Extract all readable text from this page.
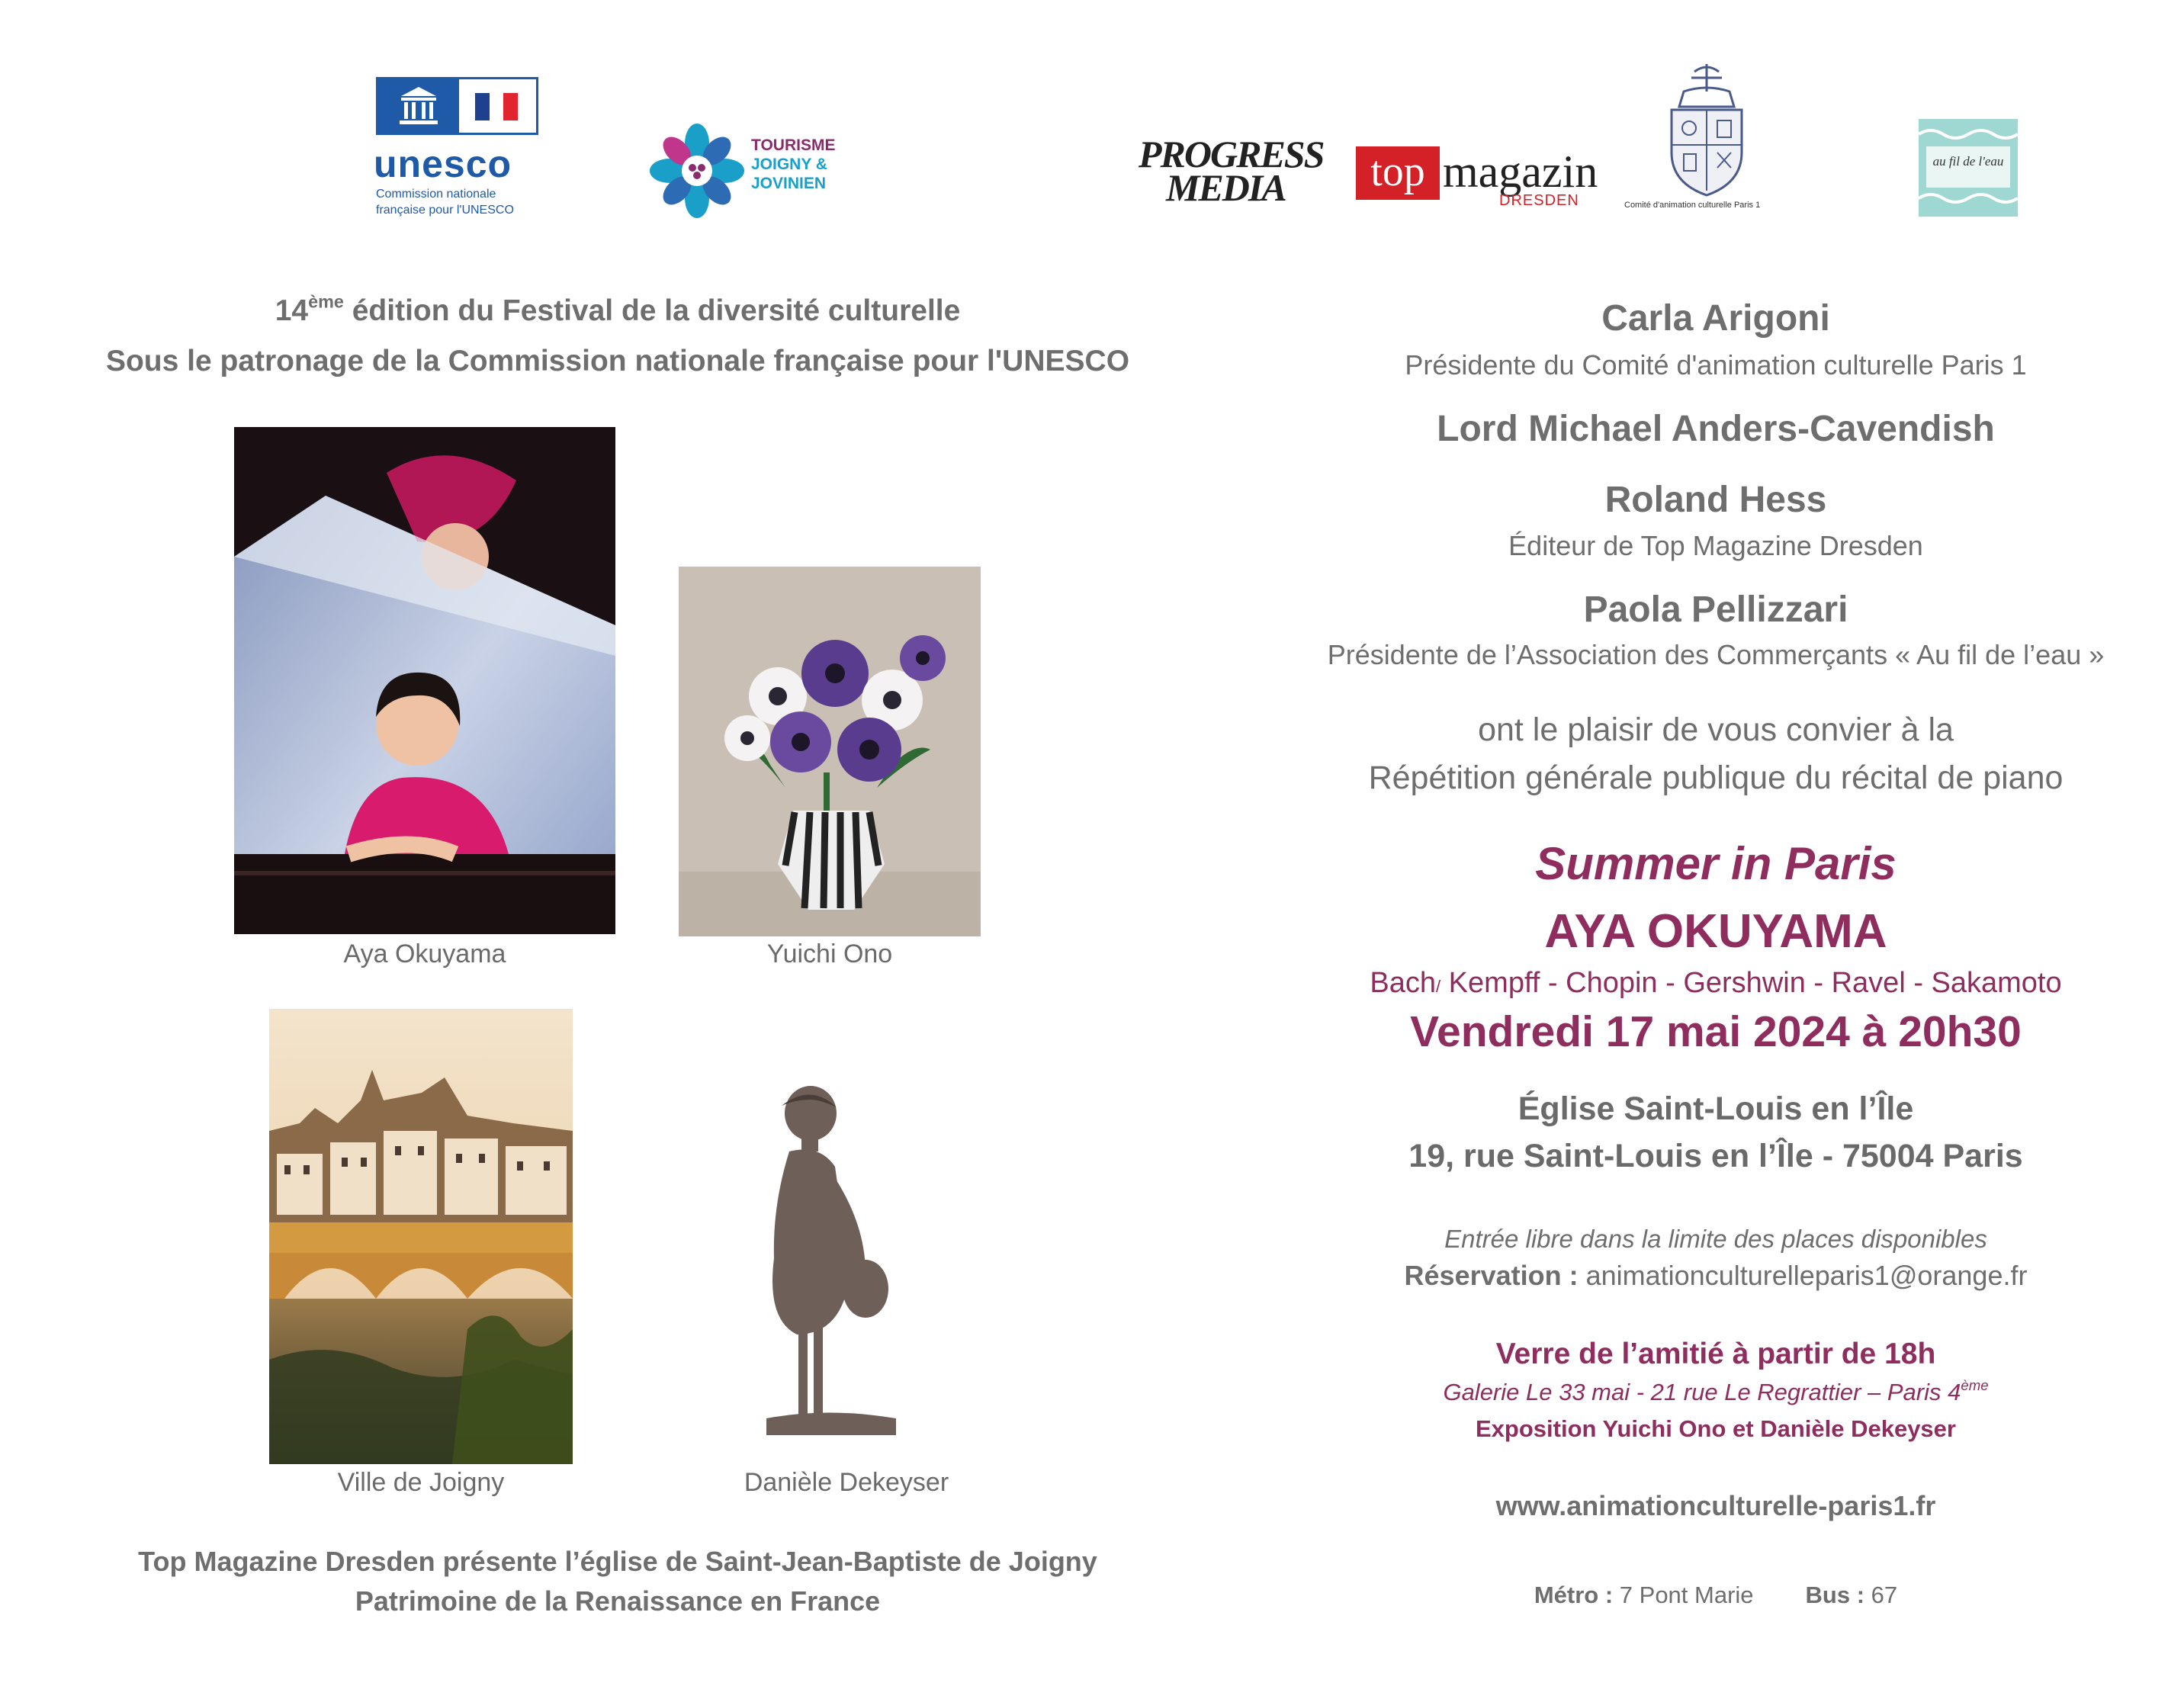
unesco
Commission nationale
française pour l'UNESCO
TOURISME
JOIGNY &
JOVINIEN
PROGRESS
MEDIA	top magazin
DRESDEN	Comité d'animation culturelle Paris 1
au fil de l'eau
14ème édition du Festival de la diversité culturelle
Sous le patronage de la Commission nationale française pour l'UNESCO
Aya Okuyama	Yuichi Ono
Ville de Joigny	Danièle Dekeyser
Top Magazine Dresden présente l’église de Saint-Jean-Baptiste de Joigny
Patrimoine de la Renaissance en France
Carla Arigoni
Présidente du Comité d'animation culturelle Paris 1
Lord Michael Anders-Cavendish
Roland Hess
Éditeur de Top Magazine Dresden
Paola Pellizzari
Présidente de l’Association des Commerçants « Au fil de l’eau »
ont le plaisir de vous convier à la
Répétition générale publique du récital de piano
Summer in Paris
AYA OKUYAMA
Bach/ Kempff - Chopin - Gershwin - Ravel - Sakamoto
Vendredi 17 mai 2024 à 20h30
Église Saint-Louis en l’Île
19, rue Saint-Louis en l’Île - 75004 Paris
Entrée libre dans la limite des places disponibles
Réservation : animationculturelleparis1@orange.fr
Verre de l’amitié à partir de 18h
Galerie Le 33 mai - 21 rue Le Regrattier – Paris 4ème
Exposition Yuichi Ono et Danièle Dekeyser
www.animationculturelle-paris1.fr
Métro : 7 Pont Marie Bus : 67
